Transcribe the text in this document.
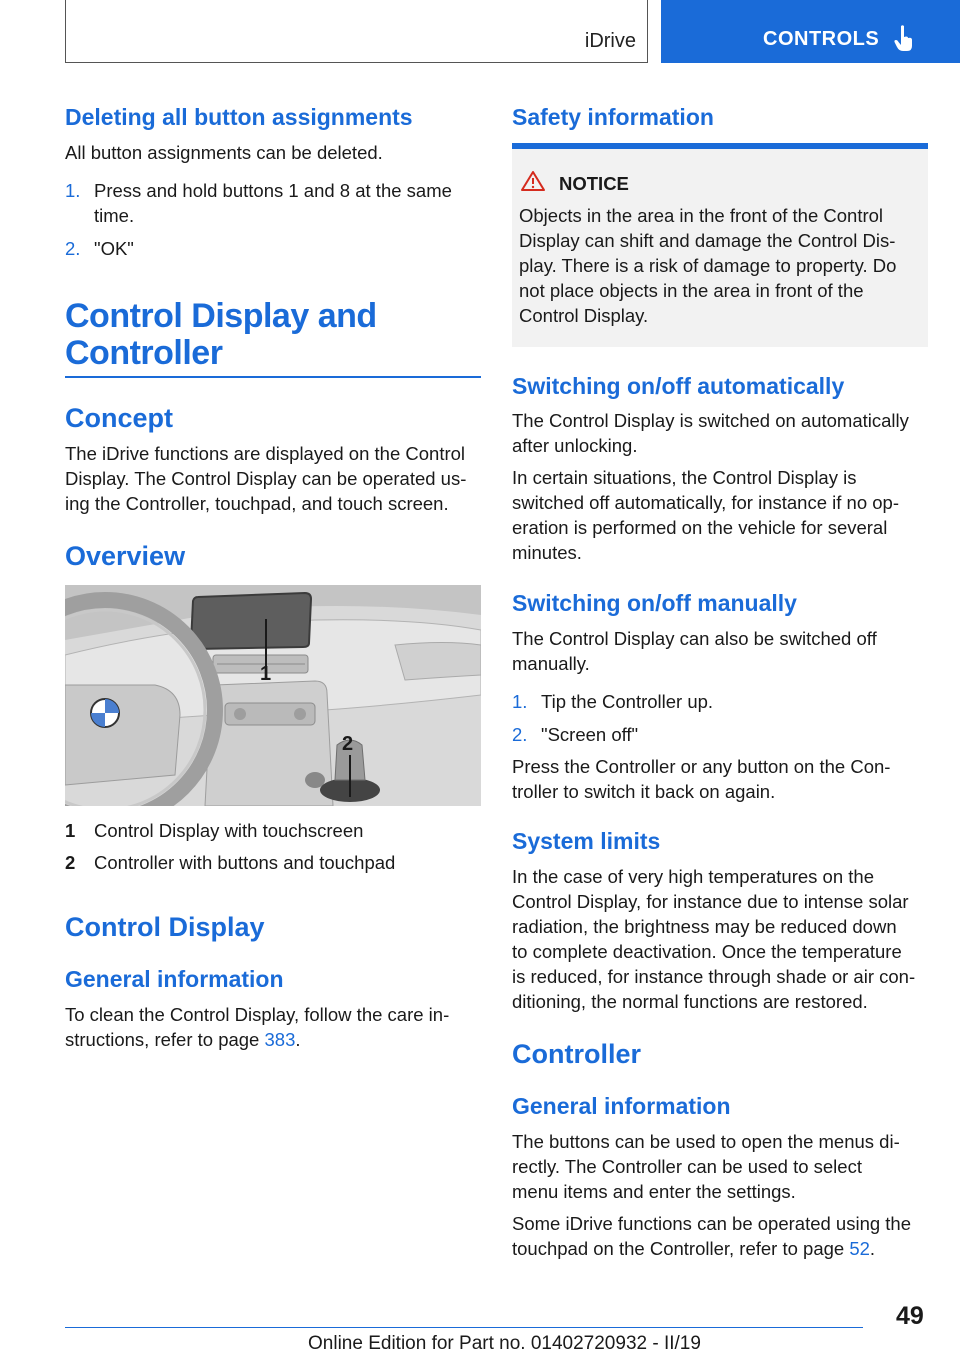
iDrive	CONTROLS
Deleting all button assignments
All button assignments can be deleted.
1. Press and hold buttons 1 and 8 at the same
time.
2. "OK"
Control Display and
Controller
Concept
The iDrive functions are displayed on the Control
Display. The Control Display can be operated us-
ing the Controller, touchpad, and touch screen.
Overview
1
2
1 Control Display with touchscreen
2 Controller with buttons and touchpad
Control Display
General information
To clean the Control Display, follow the care in-
structions, refer to page 383.
Safety information
NOTICE
Objects in the area in the front of the Control
Display can shift and damage the Control Dis-
play. There is a risk of damage to property. Do
not place objects in the area in front of the
Control Display.
Switching on/off automatically
The Control Display is switched on automatically
after unlocking.
In certain situations, the Control Display is
switched off automatically, for instance if no op-
eration is performed on the vehicle for several
minutes.
Switching on/off manually
The Control Display can also be switched off
manually.
1. Tip the Controller up.
2. "Screen off"
Press the Controller or any button on the Con-
troller to switch it back on again.
System limits
In the case of very high temperatures on the
Control Display, for instance due to intense solar
radiation, the brightness may be reduced down
to complete deactivation. Once the temperature
is reduced, for instance through shade or air con-
ditioning, the normal functions are restored.
Controller
General information
The buttons can be used to open the menus di-
rectly. The Controller can be used to select
menu items and enter the settings.
Some iDrive functions can be operated using the
touchpad on the Controller, refer to page 52.
49
Online Edition for Part no. 01402720932 - II/19
